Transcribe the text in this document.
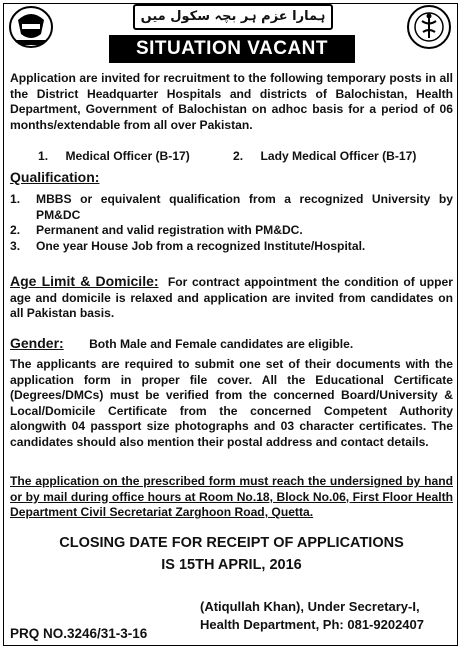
ہمارا عزم ہر بچہ سکول میں
SITUATION VACANT
Application are invited for recruitment to the following temporary posts in all the District Headquarter Hospitals and districts of Balochistan, Health Department, Government of Balochistan on adhoc basis for a period of 06 months/extendable from all over Pakistan.
1. Medical Officer (B-17)	2. Lady Medical Officer (B-17)
Qualification:
1.	MBBS or equivalent qualification from a recognized University by PM&DC
2.	Permanent and valid registration with PM&DC.
3.	One year House Job from a recognized Institute/Hospital.
Age Limit & Domicile: For contract appointment the condition of upper age and domicile is relaxed and application are invited from candidates on all Pakistan basis.
Gender: Both Male and Female candidates are eligible.
The applicants are required to submit one set of their documents with the application form in proper file cover. All the Educational Certificate (Degrees/DMCs) must be verified from the concerned Board/University & Local/Domicile Certificate from the concerned Competent Authority alongwith 04 passport size photographs and 03 character certificates. The candidates should also mention their postal address and contact details.
The application on the prescribed form must reach the undersigned by hand or by mail during office hours at Room No.18, Block No.06, First Floor Health Department Civil Secretariat Zarghoon Road, Quetta.
CLOSING DATE FOR RECEIPT OF APPLICATIONS
IS 15TH APRIL, 2016
(Atiqullah Khan), Under Secretary-I,
Health Department, Ph: 081-9202407
PRQ NO.3246/31-3-16
